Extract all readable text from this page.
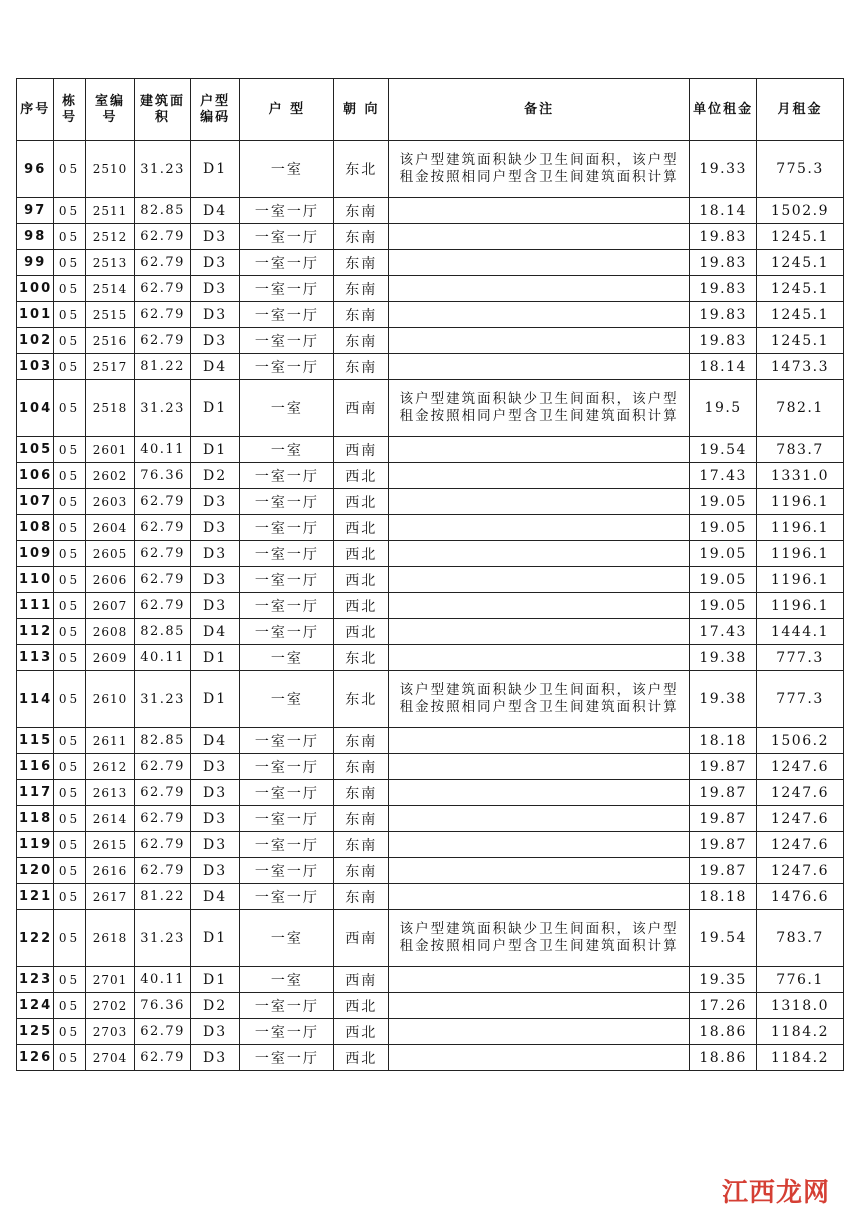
序号	栋号	室编号	建筑面积	户型编码	户 型	朝 向	备注	单位租金	月租金
96	05	2510	31.23	D1	一室	东北	该户型建筑面积缺少卫生间面积，该户型租金按照相同户型含卫生间建筑面积计算	19.33	775.3
97	05	2511	82.85	D4	一室一厅	东南		18.14	1502.9
98	05	2512	62.79	D3	一室一厅	东南		19.83	1245.1
99	05	2513	62.79	D3	一室一厅	东南		19.83	1245.1
100	05	2514	62.79	D3	一室一厅	东南		19.83	1245.1
101	05	2515	62.79	D3	一室一厅	东南		19.83	1245.1
102	05	2516	62.79	D3	一室一厅	东南		19.83	1245.1
103	05	2517	81.22	D4	一室一厅	东南		18.14	1473.3
104	05	2518	31.23	D1	一室	西南	该户型建筑面积缺少卫生间面积，该户型租金按照相同户型含卫生间建筑面积计算	19.5	782.1
105	05	2601	40.11	D1	一室	西南		19.54	783.7
106	05	2602	76.36	D2	一室一厅	西北		17.43	1331.0
107	05	2603	62.79	D3	一室一厅	西北		19.05	1196.1
108	05	2604	62.79	D3	一室一厅	西北		19.05	1196.1
109	05	2605	62.79	D3	一室一厅	西北		19.05	1196.1
110	05	2606	62.79	D3	一室一厅	西北		19.05	1196.1
111	05	2607	62.79	D3	一室一厅	西北		19.05	1196.1
112	05	2608	82.85	D4	一室一厅	西北		17.43	1444.1
113	05	2609	40.11	D1	一室	东北		19.38	777.3
114	05	2610	31.23	D1	一室	东北	该户型建筑面积缺少卫生间面积，该户型租金按照相同户型含卫生间建筑面积计算	19.38	777.3
115	05	2611	82.85	D4	一室一厅	东南		18.18	1506.2
116	05	2612	62.79	D3	一室一厅	东南		19.87	1247.6
117	05	2613	62.79	D3	一室一厅	东南		19.87	1247.6
118	05	2614	62.79	D3	一室一厅	东南		19.87	1247.6
119	05	2615	62.79	D3	一室一厅	东南		19.87	1247.6
120	05	2616	62.79	D3	一室一厅	东南		19.87	1247.6
121	05	2617	81.22	D4	一室一厅	东南		18.18	1476.6
122	05	2618	31.23	D1	一室	西南	该户型建筑面积缺少卫生间面积，该户型租金按照相同户型含卫生间建筑面积计算	19.54	783.7
123	05	2701	40.11	D1	一室	西南		19.35	776.1
124	05	2702	76.36	D2	一室一厅	西北		17.26	1318.0
125	05	2703	62.79	D3	一室一厅	西北		18.86	1184.2
126	05	2704	62.79	D3	一室一厅	西北		18.86	1184.2
江西龙网
